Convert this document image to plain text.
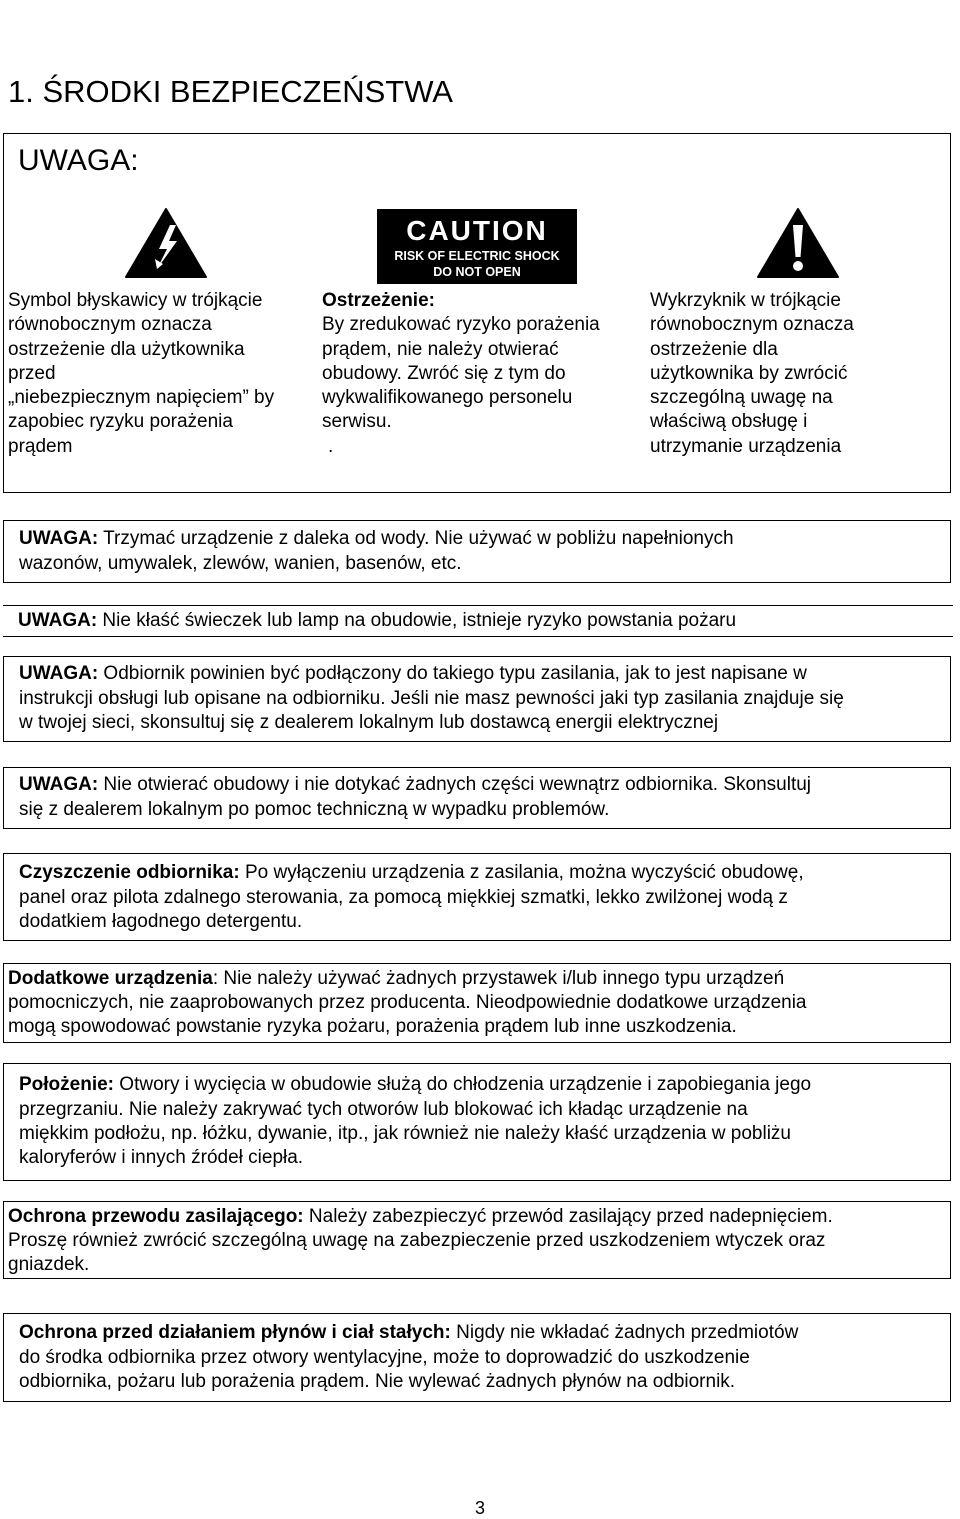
1. ŚRODKI BEZPIECZEŃSTWA
UWAGA:
CAUTION
RISK OF ELECTRIC SHOCK
DO NOT OPEN
Symbol błyskawicy w trójkącie
równobocznym oznacza
ostrzeżenie dla użytkownika
przed
„niebezpiecznym napięciem” by
zapobiec ryzyku porażenia
prądem
Ostrzeżenie:
By zredukować ryzyko porażenia
prądem, nie należy otwierać
obudowy. Zwróć się z tym do
wykwalifikowanego personelu
serwisu.
.
Wykrzyknik w trójkącie
równobocznym oznacza
ostrzeżenie dla
użytkownika by zwrócić
szczególną uwagę na
właściwą obsługę i
utrzymanie urządzenia
UWAGA: Trzymać urządzenie z daleka od wody. Nie używać w pobliżu napełnionych
wazonów, umywalek, zlewów, wanien, basenów, etc.
UWAGA: Nie kłaść świeczek lub lamp na obudowie, istnieje ryzyko powstania pożaru
UWAGA: Odbiornik powinien być podłączony do takiego typu zasilania, jak to jest napisane w
instrukcji obsługi lub opisane na odbiorniku. Jeśli nie masz pewności jaki typ zasilania znajduje się
w twojej sieci, skonsultuj się z dealerem lokalnym lub dostawcą energii elektrycznej
UWAGA: Nie otwierać obudowy i nie dotykać żadnych części wewnątrz odbiornika. Skonsultuj
się z dealerem lokalnym po pomoc techniczną w wypadku problemów.
Czyszczenie odbiornika: Po wyłączeniu urządzenia z zasilania, można wyczyścić obudowę,
panel oraz pilota zdalnego sterowania, za pomocą miękkiej szmatki, lekko zwilżonej wodą z
dodatkiem łagodnego detergentu.
Dodatkowe urządzenia: Nie należy używać żadnych przystawek i/lub innego typu urządzeń
pomocniczych, nie zaaprobowanych przez producenta. Nieodpowiednie dodatkowe urządzenia
mogą spowodować powstanie ryzyka pożaru, porażenia prądem lub inne uszkodzenia.
Położenie: Otwory i wycięcia w obudowie służą do chłodzenia urządzenie i zapobiegania jego
przegrzaniu. Nie należy zakrywać tych otworów lub blokować ich kładąc urządzenie na
miękkim podłożu, np. łóżku, dywanie, itp., jak również nie należy kłaść urządzenia w pobliżu
kaloryferów i innych źródeł ciepła.
Ochrona przewodu zasilającego: Należy zabezpieczyć przewód zasilający przed nadepnięciem.
Proszę również zwrócić szczególną uwagę na zabezpieczenie przed uszkodzeniem wtyczek oraz
gniazdek.
Ochrona przed działaniem płynów i ciał stałych: Nigdy nie wkładać żadnych przedmiotów
do środka odbiornika przez otwory wentylacyjne, może to doprowadzić do uszkodzenie
odbiornika, pożaru lub porażenia prądem. Nie wylewać żadnych płynów na odbiornik.
3
